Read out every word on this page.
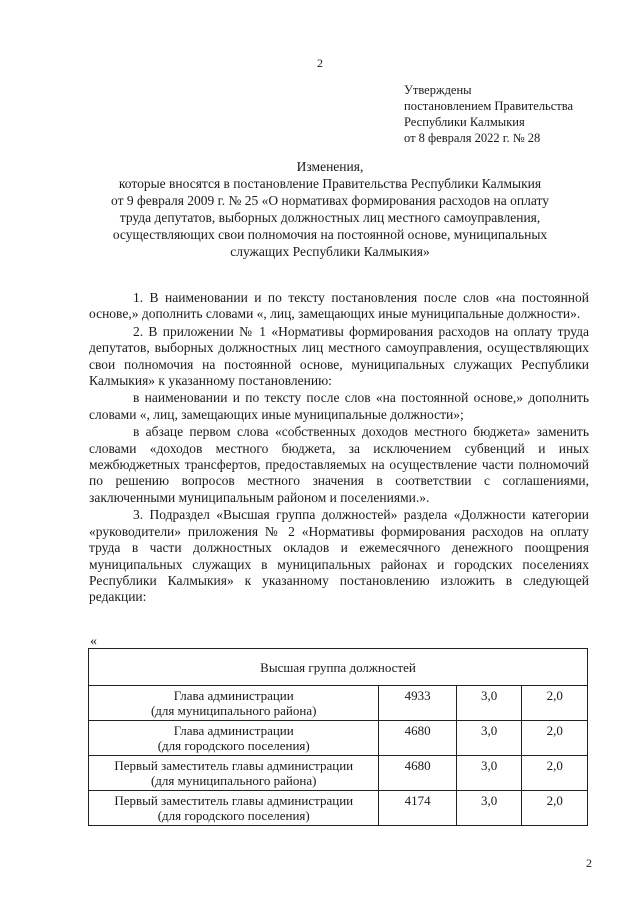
2
Утверждены
постановлением Правительства
Республики Калмыкия
от 8 февраля 2022 г. № 28
Изменения,
которые вносятся в постановление Правительства Республики Калмыкия
от 9 февраля 2009 г. № 25 «О нормативах формирования расходов на оплату
труда депутатов, выборных должностных лиц местного самоуправления,
осуществляющих свои полномочия на постоянной основе, муниципальных
служащих Республики Калмыкия»

1. В наименовании и по тексту постановления после слов «на постоянной основе,» дополнить словами «, лиц, замещающих иные муниципальные должности».

2. В приложении № 1 «Нормативы формирования расходов на оплату труда депутатов, выборных должностных лиц местного самоуправления, осуществляющих свои полномочия на постоянной основе, муниципальных служащих Республики Калмыкия» к указанному постановлению:

в наименовании и по тексту после слов «на постоянной основе,» дополнить словами «, лиц, замещающих иные муниципальные должности»;

в абзаце первом слова «собственных доходов местного бюджета» заменить словами «доходов местного бюджета, за исключением субвенций и иных межбюджетных трансфертов, предоставляемых на осуществление части полномочий по решению вопросов местного значения в соответствии с соглашениями, заключенными муниципальным районом и поселениями.».

3. Подраздел «Высшая группа должностей» раздела «Должности категории «руководители» приложения № 2 «Нормативы формирования расходов на оплату труда в части должностных окладов и ежемесячного денежного поощрения муниципальных служащих в муниципальных районах и городских поселениях Республики Калмыкия» к указанному постановлению изложить в следующей редакции:

«
Высшая группа должностей			

Глава администрации
(для муниципального района)	4933	3,0	2,0

Глава администрации
(для городского поселения)	4680	3,0	2,0

Первый заместитель главы администрации
(для муниципального района)	4680	3,0	2,0

Первый заместитель главы администрации
(для городского поселения)	4174	3,0	2,0
2
